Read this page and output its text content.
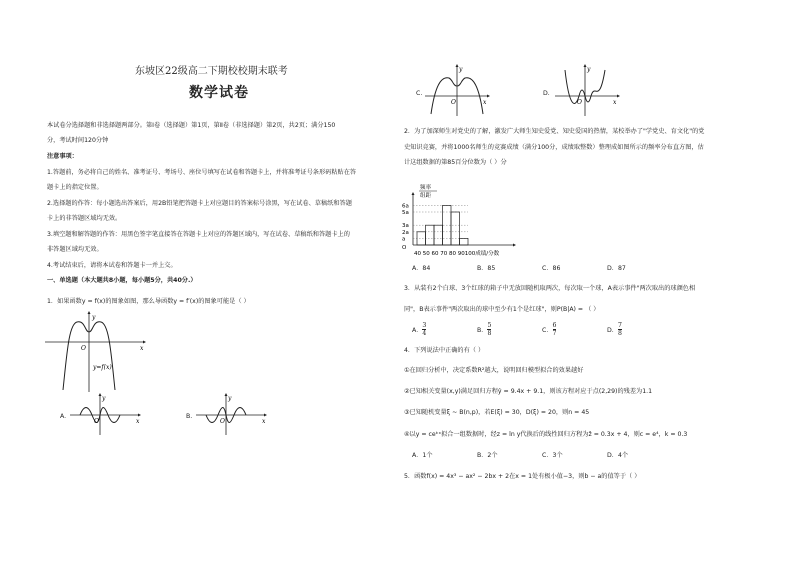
东坡区22级高二下期校校期末联考
数学试卷
本试卷分选择题和非选择题两部分。第Ⅰ卷（选择题）第1页，第Ⅱ卷（非选择题）第2页，共2页；满分150
分，考试时间120分钟
注意事项：
1.答题前，务必将自己的姓名、准考证号、考场号、座位号填写在试卷和答题卡上，并将准考证号条形码粘贴在答
题卡上的指定位置。
2.选择题的作答：每小题选出答案后，用2B铅笔把答题卡上对应题目的答案标号涂黑，写在试卷、草稿纸和答题
卡上的非答题区域均无效。
3.填空题和解答题的作答：用黑色签字笔直接答在答题卡上对应的答题区域内，写在试卷、草稿纸和答题卡上的
非答题区域均无效。
4.考试结束后，请将本试卷和答题卡一并上交。
一、单选题（本大题共8小题，每小题5分，共40分.）
1．如果函数y = f(x)的图象如图，那么导函数y = f′(x)的图象可能是（ ）
y
x
O
y=f(x)
A.
y
x
O
B.
y
x
O
C.
y
x
O
D.
y
x
O
2．为了加深师生对党史的了解，激发广大师生知史爱党、知史爱国的热情，某校举办了"学党史、育文化"的党
史知识竞赛，并将1000名师生的竞赛成绩（满分100分，成绩取整数）整理成如图所示的频率分布直方图，估
计这组数据的第85百分位数为（ ）分
频率
组距
6a
5a
3a
2a
a
O
40 50 60 70 80 90100成绩/分数
A．84	B．85	C．86	D．87
3．从装有2个白球、3个红球的箱子中无放回随机取两次，每次取一个球，A表示事件"两次取出的球颜色相
同"，B表示事件"两次取出的球中至少有1个是红球"，则P(B|A) = （ ）
A． $\frac{3}{4}$	B． $\frac{5}{8}$	C． $\frac{6}{7}$	D． $\frac{7}{8}$
4．下列说法中正确的有（ ）
①在回归分析中，决定系数R²越大，说明回归模型拟合的效果越好
②已知相关变量(x,y)满足回归方程ŷ = 9.4x + 9.1，则该方程对应于点(2,29)的残差为1.1
③已知随机变量ξ ~ B(n,p)，若E(ξ) = 30，D(ξ) = 20，则n = 45
④以y = ceᵏˣ拟合一组数据时，经z = ln y代换后的线性回归方程为ẑ = 0.3x + 4，则c = e⁴，k = 0.3
A．1个	B．2个	C．3个	D．4个
5．函数f(x) = 4x³ − ax² − 2bx + 2在x = 1处有极小值−3，则b − a的值等于（ ）
